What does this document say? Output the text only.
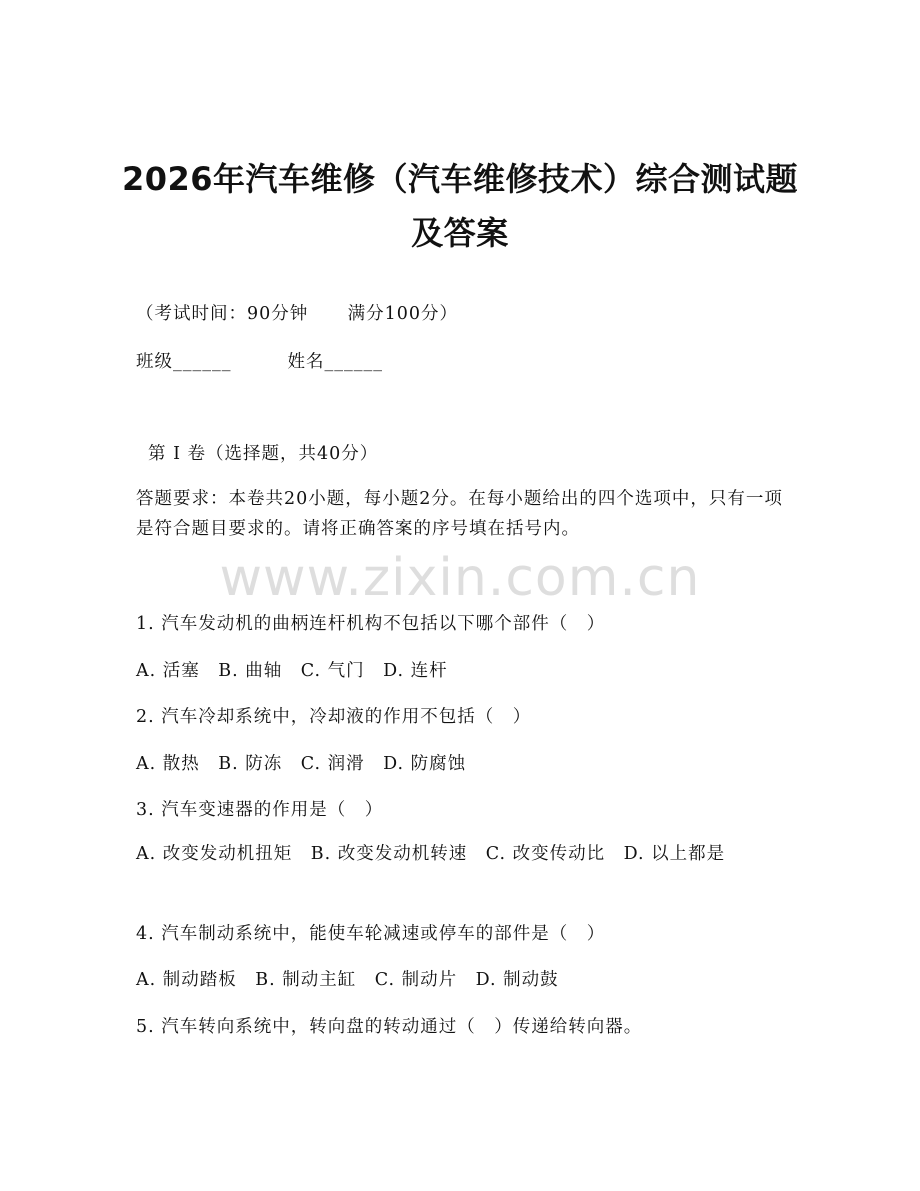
2026年汽车维修（汽车维修技术）综合测试题及答案
（考试时间：90分钟      满分100分）
班级______	姓名______
第 I 卷（选择题，共40分）
答题要求：本卷共20小题，每小题2分。在每小题给出的四个选项中，只有一项是符合题目要求的。请将正确答案的序号填在括号内。
www.zixin.com.cn
1. 汽车发动机的曲柄连杆机构不包括以下哪个部件（　）
A. 活塞　B. 曲轴　C. 气门　D. 连杆
2. 汽车冷却系统中，冷却液的作用不包括（　）
A. 散热　B. 防冻　C. 润滑　D. 防腐蚀
3. 汽车变速器的作用是（　）
A. 改变发动机扭矩　B. 改变发动机转速　C. 改变传动比　D. 以上都是
4. 汽车制动系统中，能使车轮减速或停车的部件是（　）
A. 制动踏板　B. 制动主缸　C. 制动片　D. 制动鼓
5. 汽车转向系统中，转向盘的转动通过（　）传递给转向器。
